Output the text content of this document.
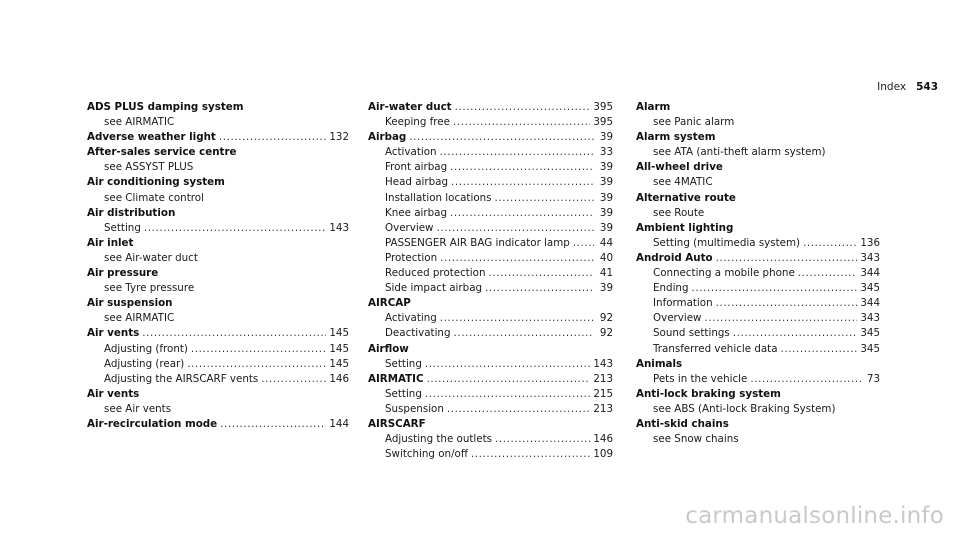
Index 543
ADS PLUS damping system
see AIRMATIC
Adverse weather light .....	132
After-sales service centre
see ASSYST PLUS
Air conditioning system
see Climate control
Air distribution
Setting .....	143
Air inlet
see Air-water duct
Air pressure
see Tyre pressure
Air suspension
see AIRMATIC
Air vents .....	145
Adjusting (front) .....	145
Adjusting (rear) .....	145
Adjusting the AIRSCARF vents .....	146
Air vents
see Air vents
Air-recirculation mode .....	144
Air-water duct .....	395
Keeping free .....	395
Airbag .....	39
Activation .....	33
Front airbag .....	39
Head airbag .....	39
Installation locations .....	39
Knee airbag .....	39
Overview .....	39
PASSENGER AIR BAG indicator lamp .....	44
Protection .....	40
Reduced protection .....	41
Side impact airbag .....	39
AIRCAP
Activating .....	92
Deactivating .....	92
Airflow
Setting .....	143
AIRMATIC .....	213
Setting .....	215
Suspension .....	213
AIRSCARF
Adjusting the outlets .....	146
Switching on/off .....	109
Alarm
see Panic alarm
Alarm system
see ATA (anti-theft alarm system)
All-wheel drive
see 4MATIC
Alternative route
see Route
Ambient lighting
Setting (multimedia system) .....	136
Android Auto .....	343
Connecting a mobile phone .....	344
Ending .....	345
Information .....	344
Overview .....	343
Sound settings .....	345
Transferred vehicle data .....	345
Animals
Pets in the vehicle .....	73
Anti-lock braking system
see ABS (Anti-lock Braking System)
Anti-skid chains
see Snow chains
carmanualsonline.info
